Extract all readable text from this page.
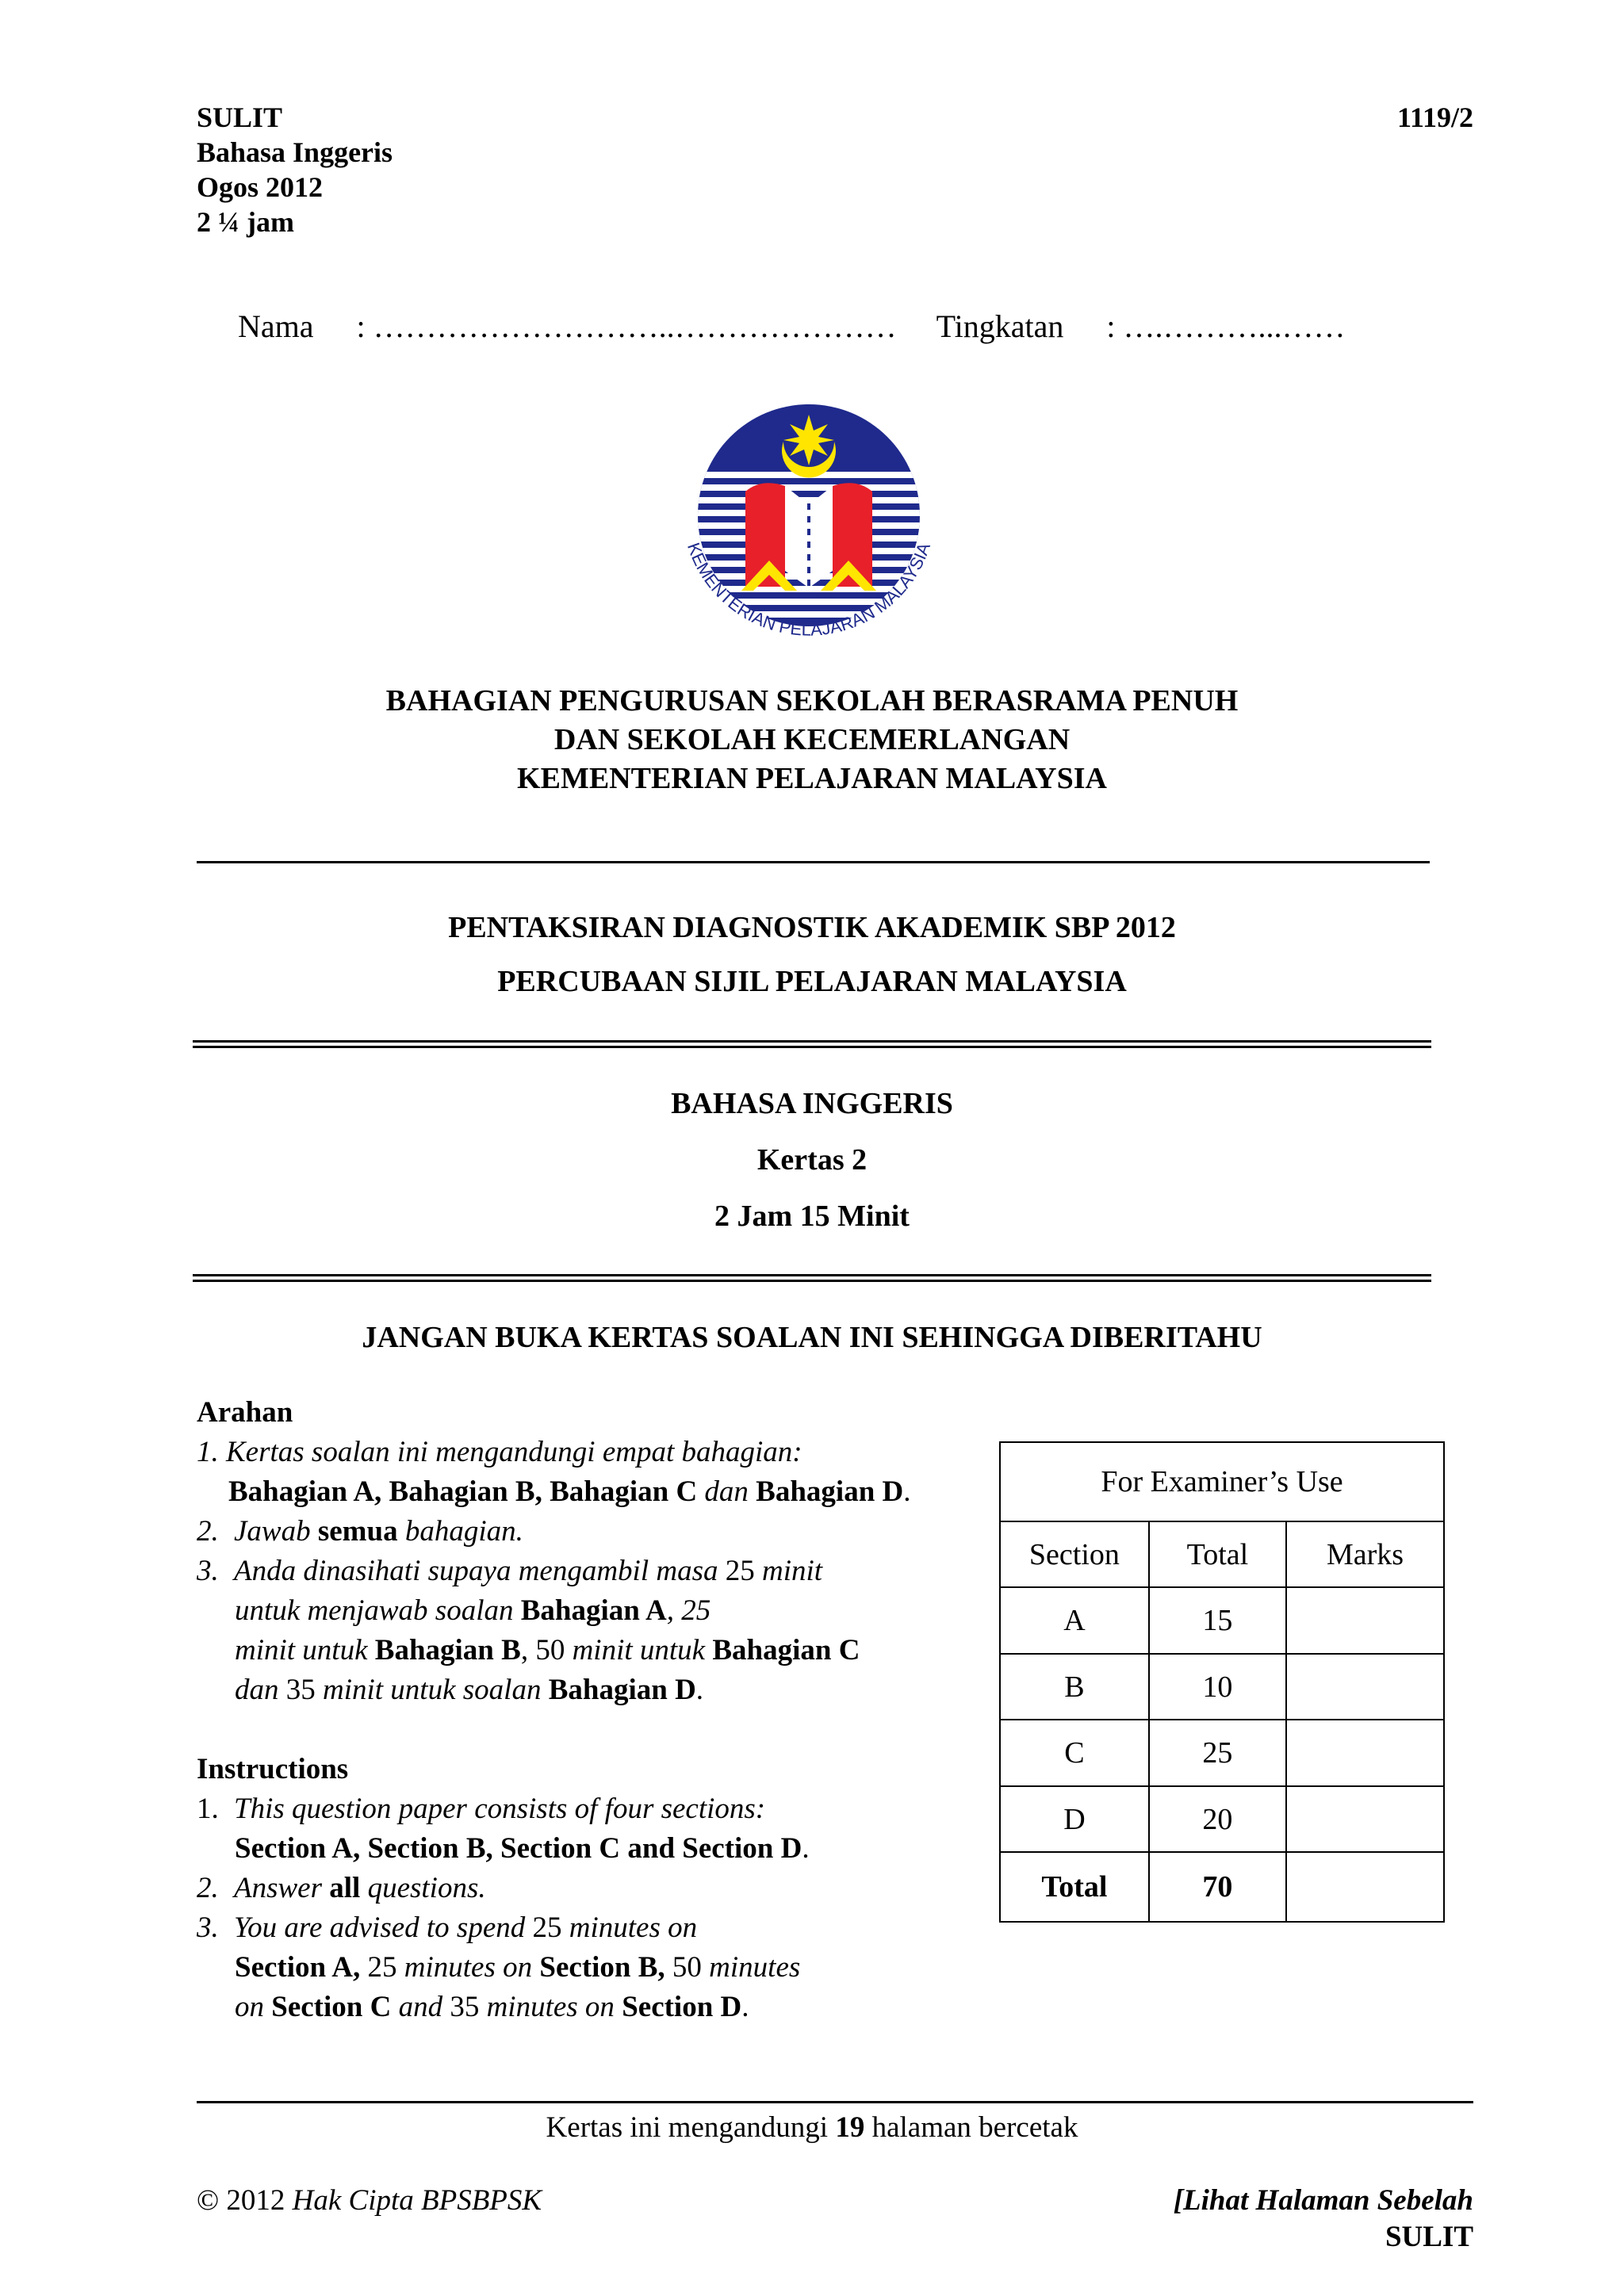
SULIT
Bahasa Inggeris
Ogos 2012
2 ¼ jam
1119/2
Nama : ………………………..………………… Tingkatan : ….………...……
KEMENTERIAN PELAJARAN MALAYSIA
BAHAGIAN PENGURUSAN SEKOLAH BERASRAMA PENUH
DAN SEKOLAH KECEMERLANGAN
KEMENTERIAN PELAJARAN MALAYSIA
PENTAKSIRAN DIAGNOSTIK AKADEMIK SBP 2012
PERCUBAAN SIJIL PELAJARAN MALAYSIA
BAHASA INGGERIS
Kertas 2
2 Jam 15 Minit
JANGAN BUKA KERTAS SOALAN INI SEHINGGA DIBERITAHU
Arahan
1. Kertas soalan ini mengandungi empat bahagian:
Bahagian A, Bahagian B, Bahagian C dan Bahagian D.
2. Jawab semua bahagian.
3. Anda dinasihati supaya mengambil masa 25 minit
untuk menjawab soalan Bahagian A, 25
minit untuk Bahagian B, 50 minit untuk Bahagian C
dan 35 minit untuk soalan Bahagian D.
Instructions
1. This question paper consists of four sections:
Section A, Section B, Section C and Section D.
2. Answer all questions.
3. You are advised to spend 25 minutes on
Section A, 25 minutes on Section B, 50 minutes
on Section C and 35 minutes on Section D.
For Examiner’s Use		
Section	Total	Marks
A	15	
B	10	
C	25	
D	20	
Total	70	
Kertas ini mengandungi 19 halaman bercetak
© 2012 Hak Cipta BPSBPSK	[Lihat Halaman Sebelah
SULIT
